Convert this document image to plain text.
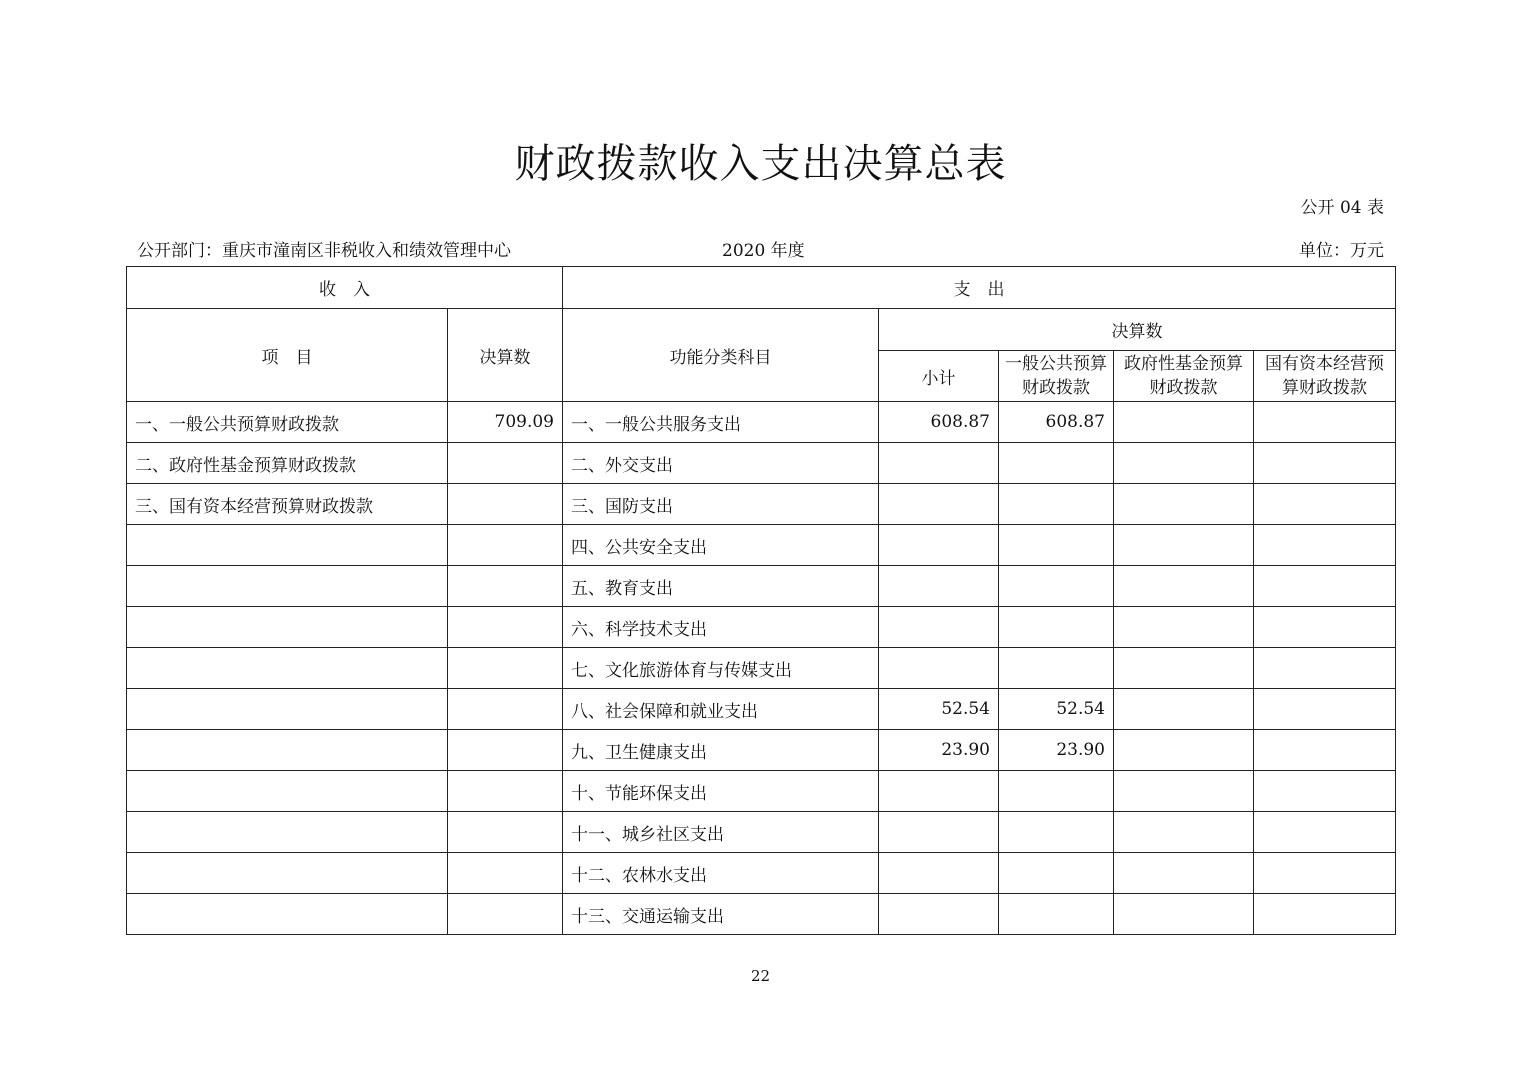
财政拨款收入支出决算总表
公开 04 表
公开部门：重庆市潼南区非税收入和绩效管理中心	2020 年度	单位：万元
收　入		支　出				
项　目	决算数	功能分类科目	决算数			
			小计	一般公共预算财政拨款	政府性基金预算财政拨款	国有资本经营预算财政拨款
一、一般公共预算财政拨款	709.09	一、一般公共服务支出	608.87	608.87		
二、政府性基金预算财政拨款		二、外交支出				
三、国有资本经营预算财政拨款		三、国防支出				
		四、公共安全支出				
		五、教育支出				
		六、科学技术支出				
		七、文化旅游体育与传媒支出				
		八、社会保障和就业支出	52.54	52.54		
		九、卫生健康支出	23.90	23.90		
		十、节能环保支出				
		十一、城乡社区支出				
		十二、农林水支出				
		十三、交通运输支出				
22
